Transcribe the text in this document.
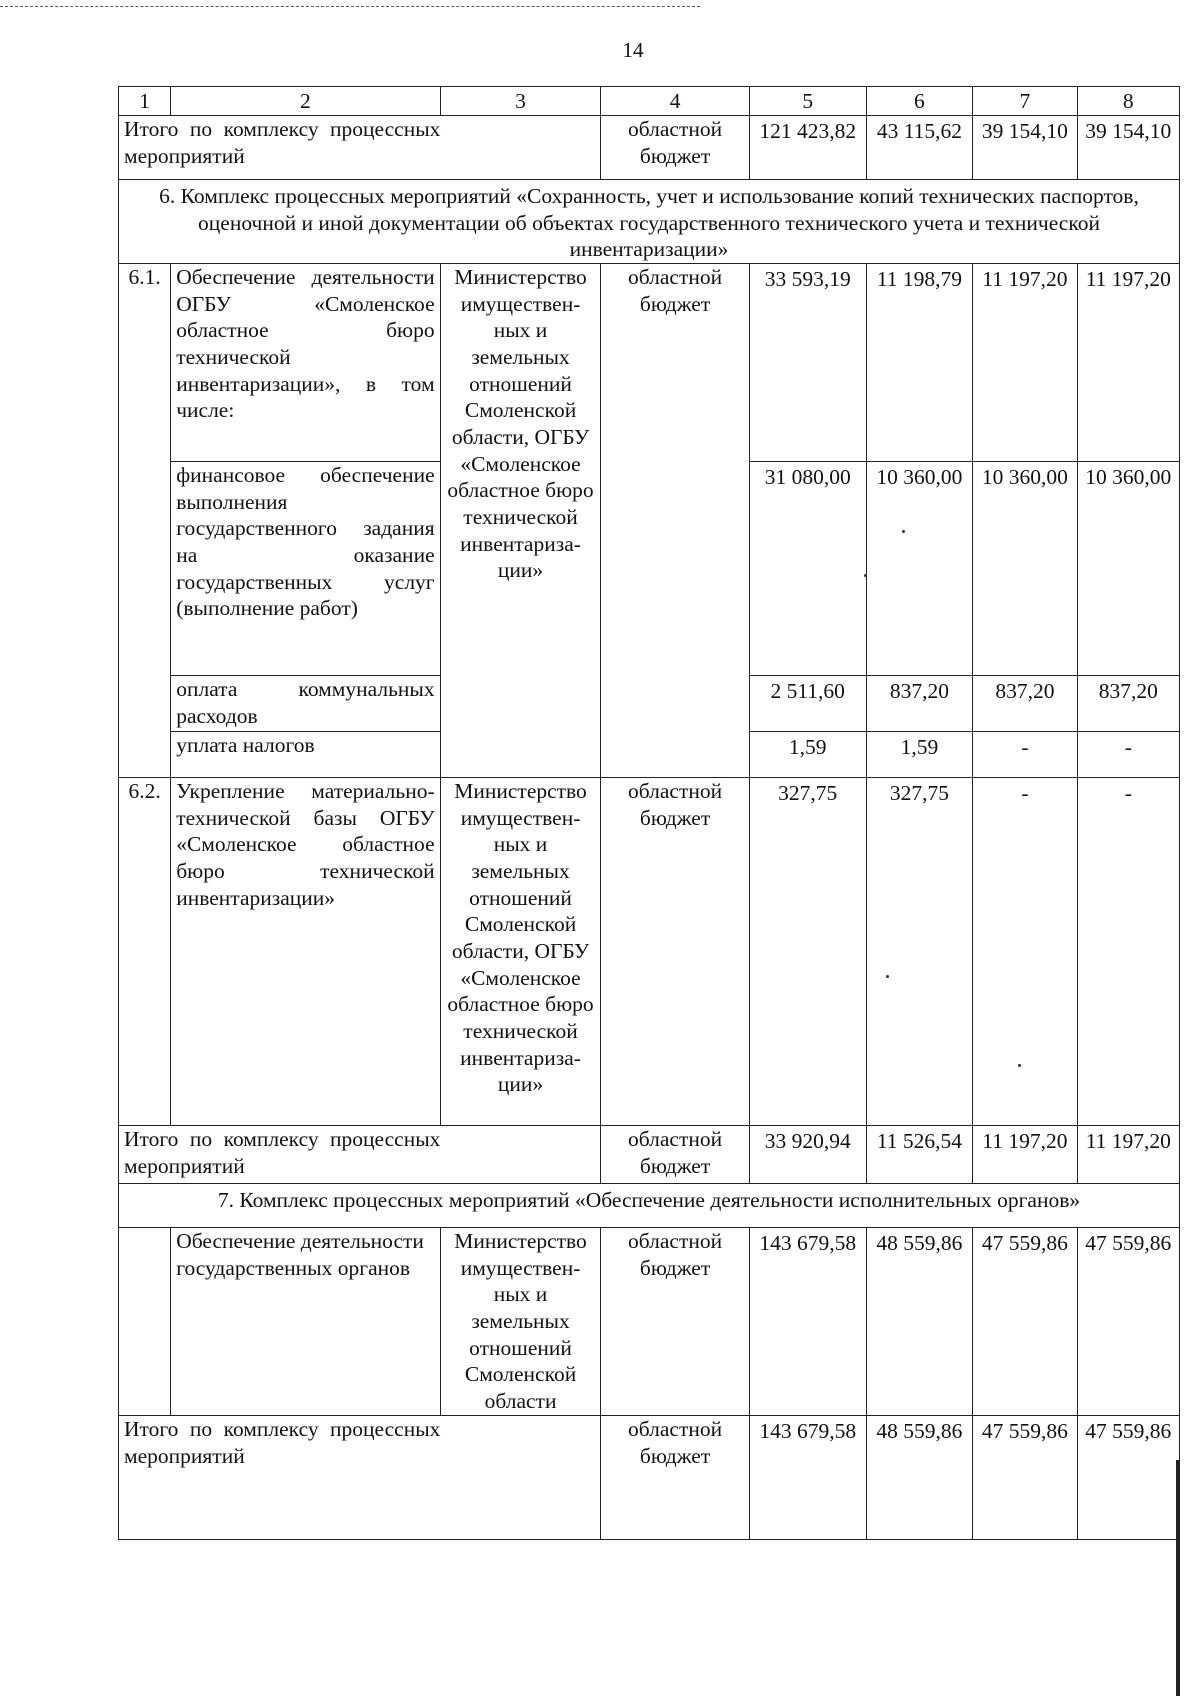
14
1	2	3	4	5	6	7	8
Итого по комплексу процессных мероприятий			областной бюджет	121 423,82	43 115,62	39 154,10	39 154,10
6. Комплекс процессных мероприятий «Сохранность, учет и использование копий технических паспортов, оценочной и иной документации об объектах государственного технического учета и технической инвентаризации»							
6.1.	Обеспечение деятельности ОГБУ «Смоленское областное бюро технической инвентаризации», в том числе:	Министерство имуществен- ных и земельных отношений Смоленской области, ОГБУ «Смоленское областное бюро технической инвентариза- ции»	областной бюджет	33 593,19	11 198,79	11 197,20	11 197,20
	финансовое обеспечение выполнения государственного задания на оказание государственных услуг (выполнение работ)			31 080,00	10 360,00	10 360,00	10 360,00
	оплата коммунальных расходов			2 511,60	837,20	837,20	837,20
	уплата налогов			1,59	1,59	-	-
6.2.	Укрепление материально-технической базы ОГБУ «Смоленское областное бюро технической инвентаризации»	Министерство имуществен- ных и земельных отношений Смоленской области, ОГБУ «Смоленское областное бюро технической инвентариза- ции»	областной бюджет	327,75	327,75	-	-
Итого по комплексу процессных мероприятий			областной бюджет	33 920,94	11 526,54	11 197,20	11 197,20
7. Комплекс процессных мероприятий «Обеспечение деятельности исполнительных органов»							
	Обеспечение деятельности государственных органов	Министерство имуществен- ных и земельных отношений Смоленской области	областной бюджет	143 679,58	48 559,86	47 559,86	47 559,86
Итого по комплексу процессных мероприятий			областной бюджет	143 679,58	48 559,86	47 559,86	47 559,86
